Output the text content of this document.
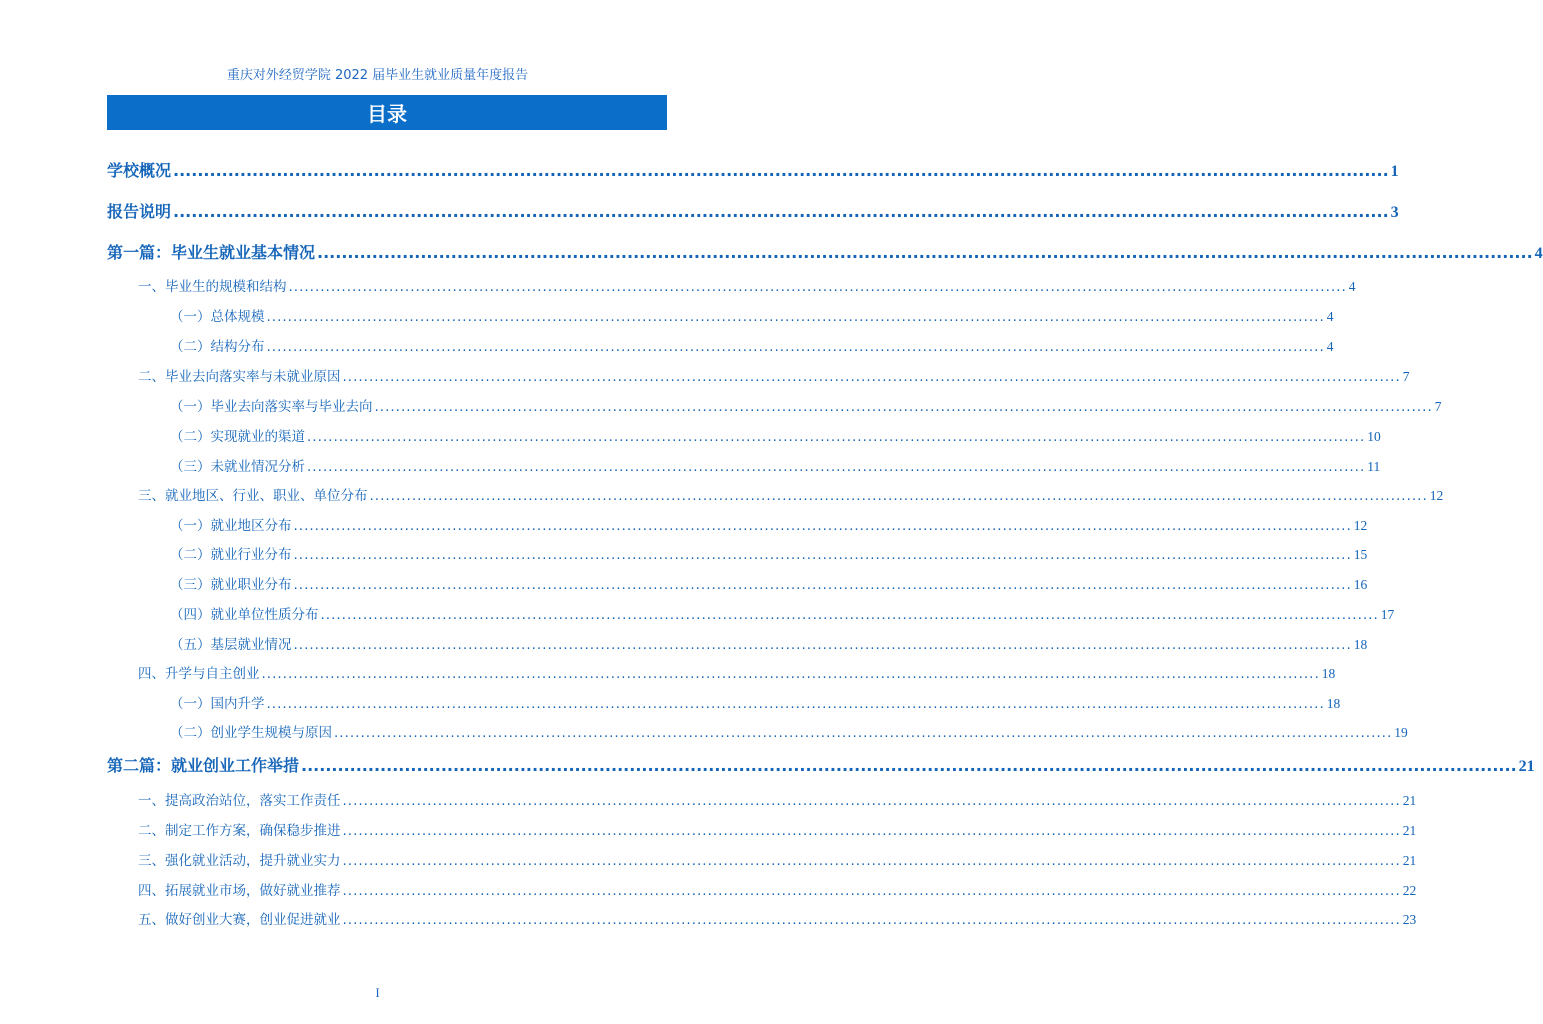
重庆对外经贸学院 2022 届毕业生就业质量年度报告
目录
学校概况 ........................................................................................................................................................................................................ 1
报告说明 ........................................................................................................................................................................................................ 3
第一篇：毕业生就业基本情况 ........................................................................................................................................................................................................ 4
一、毕业生的规模和结构 ........................................................................................................................................................................................................ 4
（一）总体规模 ........................................................................................................................................................................................................ 4
（二）结构分布 ........................................................................................................................................................................................................ 4
二、毕业去向落实率与未就业原因 ........................................................................................................................................................................................................ 7
（一）毕业去向落实率与毕业去向 ........................................................................................................................................................................................................ 7
（二）实现就业的渠道 ........................................................................................................................................................................................................ 10
（三）未就业情况分析 ........................................................................................................................................................................................................ 11
三、就业地区、行业、职业、单位分布 ........................................................................................................................................................................................................ 12
（一）就业地区分布 ........................................................................................................................................................................................................ 12
（二）就业行业分布 ........................................................................................................................................................................................................ 15
（三）就业职业分布 ........................................................................................................................................................................................................ 16
（四）就业单位性质分布 ........................................................................................................................................................................................................ 17
（五）基层就业情况 ........................................................................................................................................................................................................ 18
四、升学与自主创业 ........................................................................................................................................................................................................ 18
（一）国内升学 ........................................................................................................................................................................................................ 18
（二）创业学生规模与原因 ........................................................................................................................................................................................................ 19
第二篇：就业创业工作举措 ........................................................................................................................................................................................................ 21
一、提高政治站位，落实工作责任 ........................................................................................................................................................................................................ 21
二、制定工作方案，确保稳步推进 ........................................................................................................................................................................................................ 21
三、强化就业活动，提升就业实力 ........................................................................................................................................................................................................ 21
四、拓展就业市场，做好就业推荐 ........................................................................................................................................................................................................ 22
五、做好创业大赛，创业促进就业 ........................................................................................................................................................................................................ 23
I
